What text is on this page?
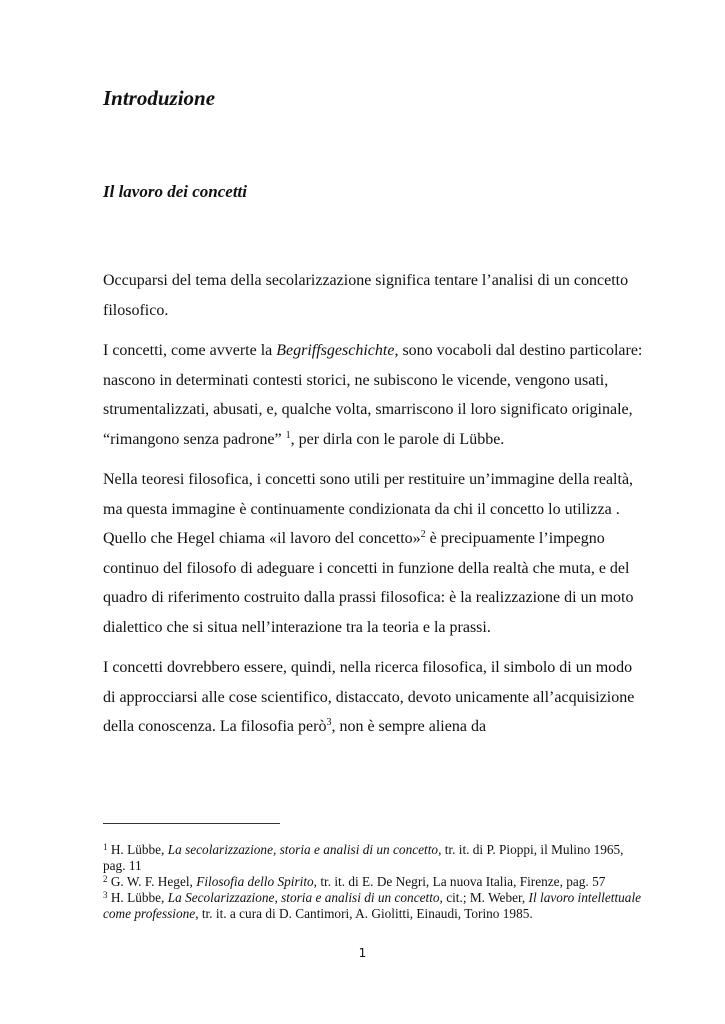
Introduzione
Il lavoro dei concetti

Occuparsi del tema della secolarizzazione significa tentare l’analisi di un concetto filosofico.

I concetti, come avverte la Begriffsgeschichte, sono vocaboli dal destino particolare: nascono in determinati contesti storici, ne subiscono le vicende, vengono usati, strumentalizzati, abusati, e, qualche volta, smarriscono il loro significato originale, “rimangono senza padrone” $^1$, per dirla con le parole di Lübbe.

Nella teoresi filosofica, i concetti sono utili per restituire un’immagine della realtà, ma questa immagine è continuamente condizionata da chi il concetto lo utilizza . Quello che Hegel chiama «il lavoro del concetto»$^2$ è precipuamente l’impegno continuo del filosofo di adeguare i concetti in funzione della realtà che muta, e del quadro di riferimento costruito dalla prassi filosofica: è la realizzazione di un moto dialettico che si situa nell’interazione tra la teoria e la prassi.

I concetti dovrebbero essere, quindi, nella ricerca filosofica, il simbolo di un modo di approcciarsi alle cose scientifico, distaccato, devoto unicamente all’acquisizione della conoscenza. La filosofia però$^3$, non è sempre aliena da

$^1$ H. Lübbe, La secolarizzazione, storia e analisi di un concetto, tr. it. di P. Pioppi, il Mulino 1965, pag. 11
$^2$ G. W. F. Hegel, Filosofia dello Spirito, tr. it. di E. De Negri, La nuova Italia, Firenze, pag. 57
$^3$ H. Lübbe, La Secolarizzazione, storia e analisi di un concetto, cit.; M. Weber, Il lavoro intellettuale come professione, tr. it. a cura di D. Cantimori, A. Giolitti, Einaudi, Torino 1985.
1
